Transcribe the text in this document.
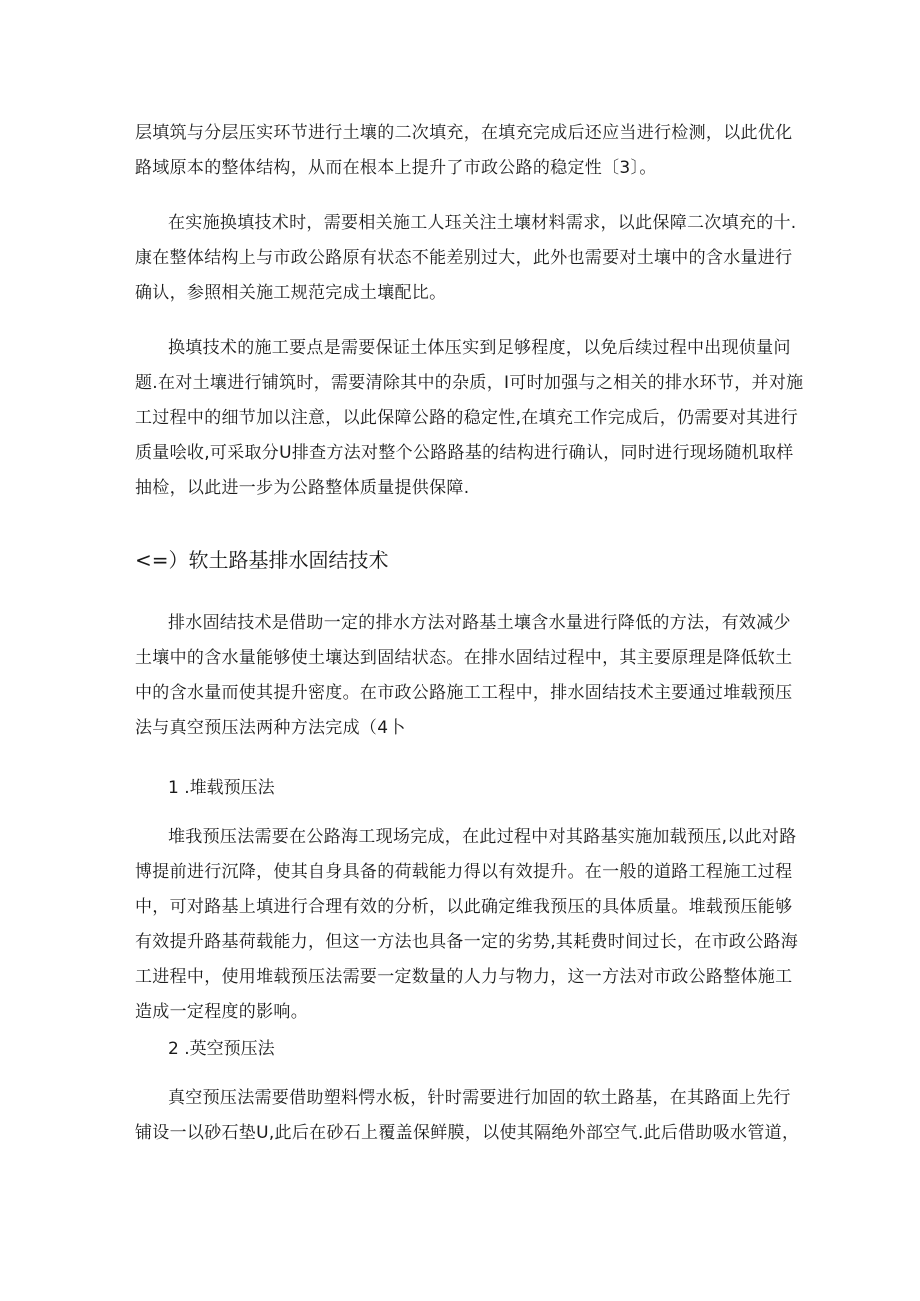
层填筑与分层压实环节进行土壤的二次填充，在填充完成后还应当进行检测，以此优化
路域原本的整体结构，从而在根本上提升了市政公路的稳定性〔3〕。
在实施换填技术时，需要相关施工人珏关注土壤材料需求，以此保障二次填充的十.
康在整体结构上与市政公路原有状态不能差别过大，此外也需要对土壤中的含水量进行
确认，参照相关施工规范完成土壤配比。
换填技术的施工要点是需要保证土体压实到足够程度，以免后续过程中出现侦量问
题.在对土壤进行铺筑时，需要清除其中的杂质，I可时加强与之相关的排水环节，并对施
工过程中的细节加以注意，以此保障公路的稳定性,在填充工作完成后，仍需要对其进行
质量哙收,可采取分U排查方法对整个公路路基的结构进行确认，同时进行现场随机取样
抽检，以此进一步为公路整体质量提供保障.
<=）软土路基排水固结技术
排水固结技术是借助一定的排水方法对路基土壤含水量进行降低的方法，有效减少
土壤中的含水量能够使土壤达到固结状态。在排水固结过程中，其主要原理是降低软土
中的含水量而使其提升密度。在市政公路施工工程中，排水固结技术主要通过堆载预压
法与真空预压法两种方法完成（4卜
1 .堆载预压法
堆我预压法需要在公路海工现场完成，在此过程中对其路基实施加载预压,以此对路
博提前进行沉降，使其自身具备的荷载能力得以有效提升。在一般的道路工程施工过程
中，可对路基上填进行合理有效的分析，以此确定维我预压的具体质量。堆载预压能够
有效提升路基荷载能力，但这一方法也具备一定的劣势,其耗费时间过长，在市政公路海
工进程中，使用堆载预压法需要一定数量的人力与物力，这一方法对市政公路整体施工
造成一定程度的影响。
2 .英空预压法
真空预压法需要借助塑料愕水板，针时需要进行加固的软土路基，在其路面上先行
铺设一以砂石垫U,此后在砂石上覆盖保鲜膜，以使其隔绝外部空气.此后借助吸水管道，
